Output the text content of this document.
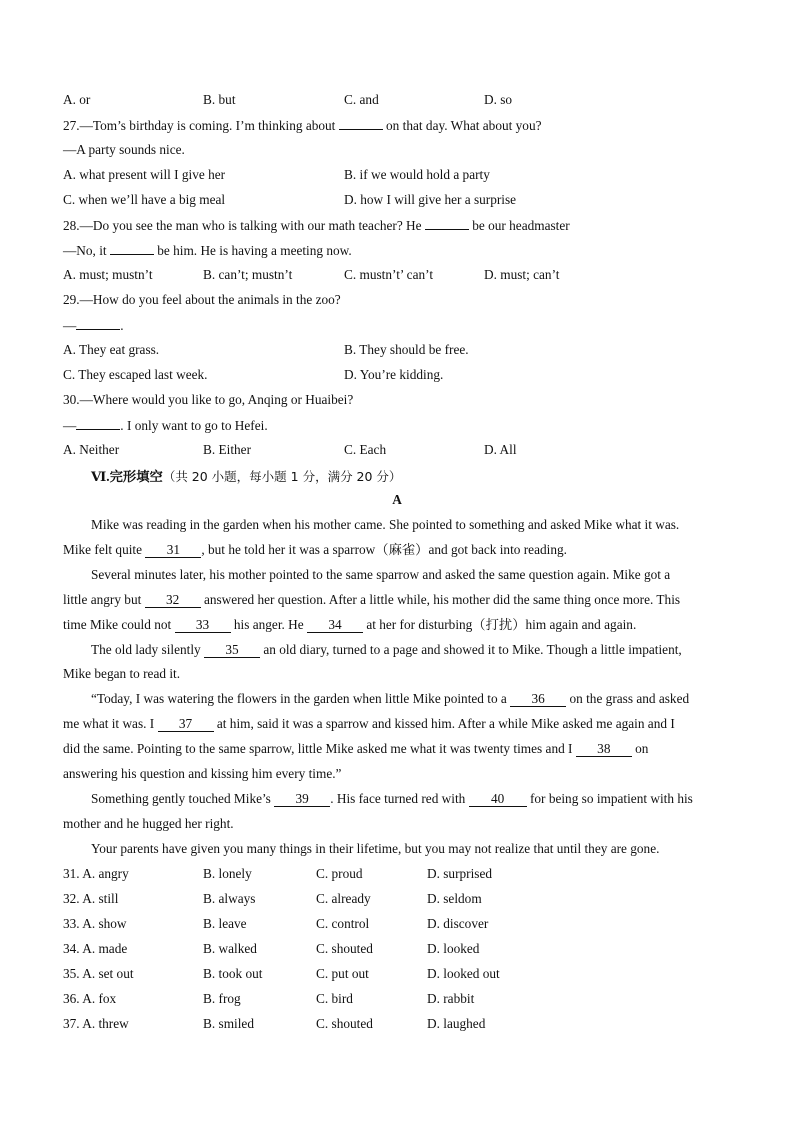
A. or	B. but	C. and	D. so
27.—Tom’s birthday is coming. I’m thinking about	on that day. What about you?
—A party sounds nice.
A. what present will I give her	B. if we would hold a party
C. when we’ll have a big meal	D. how I will give her a surprise
28.—Do you see the man who is talking with our math teacher? He	be our headmaster
—No, it	be him. He is having a meeting now.
A. must; mustn’t	B. can’t; mustn’t	C. mustn’t’ can’t	D. must; can’t
29.—How do you feel about the animals in the zoo?
—	.
A. They eat grass.	B. They should be free.
C. They escaped last week.	D. You’re kidding.
30.—Where would you like to go, Anqing or Huaibei?
—	. I only want to go to Hefei.
A. Neither	B. Either	C. Each	D. All
Ⅵ.完形填空（共 20 小题，每小题 1 分，满分 20 分）
A
Mike was reading in the garden when his mother came. She pointed to something and asked Mike what it was.
Mike felt quite 31 , but he told her it was a sparrow（麻雀）and got back into reading.
Several minutes later, his mother pointed to the same sparrow and asked the same question again. Mike got a
little angry but 32 answered her question. After a little while, his mother did the same thing once more. This
time Mike could not 33 his anger. He 34 at her for disturbing（打扰）him again and again.
The old lady silently 35 an old diary, turned to a page and showed it to Mike. Though a little impatient,
Mike began to read it.
“Today, I was watering the flowers in the garden when little Mike pointed to a 36 on the grass and asked
me what it was. I 37 at him, said it was a sparrow and kissed him. After a while Mike asked me again and I
did the same. Pointing to the same sparrow, little Mike asked me what it was twenty times and I 38 on
answering his question and kissing him every time.”
Something gently touched Mike’s 39 . His face turned red with 40 for being so impatient with his
mother and he hugged her right.
Your parents have given you many things in their lifetime, but you may not realize that until they are gone.
31. A. angry	B. lonely	C. proud	D. surprised
32. A. still	B. always	C. already	D. seldom
33. A. show	B. leave	C. control	D. discover
34. A. made	B. walked	C. shouted	D. looked
35. A. set out	B. took out	C. put out	D. looked out
36. A. fox	B. frog	C. bird	D. rabbit
37. A. threw	B. smiled	C. shouted	D. laughed
